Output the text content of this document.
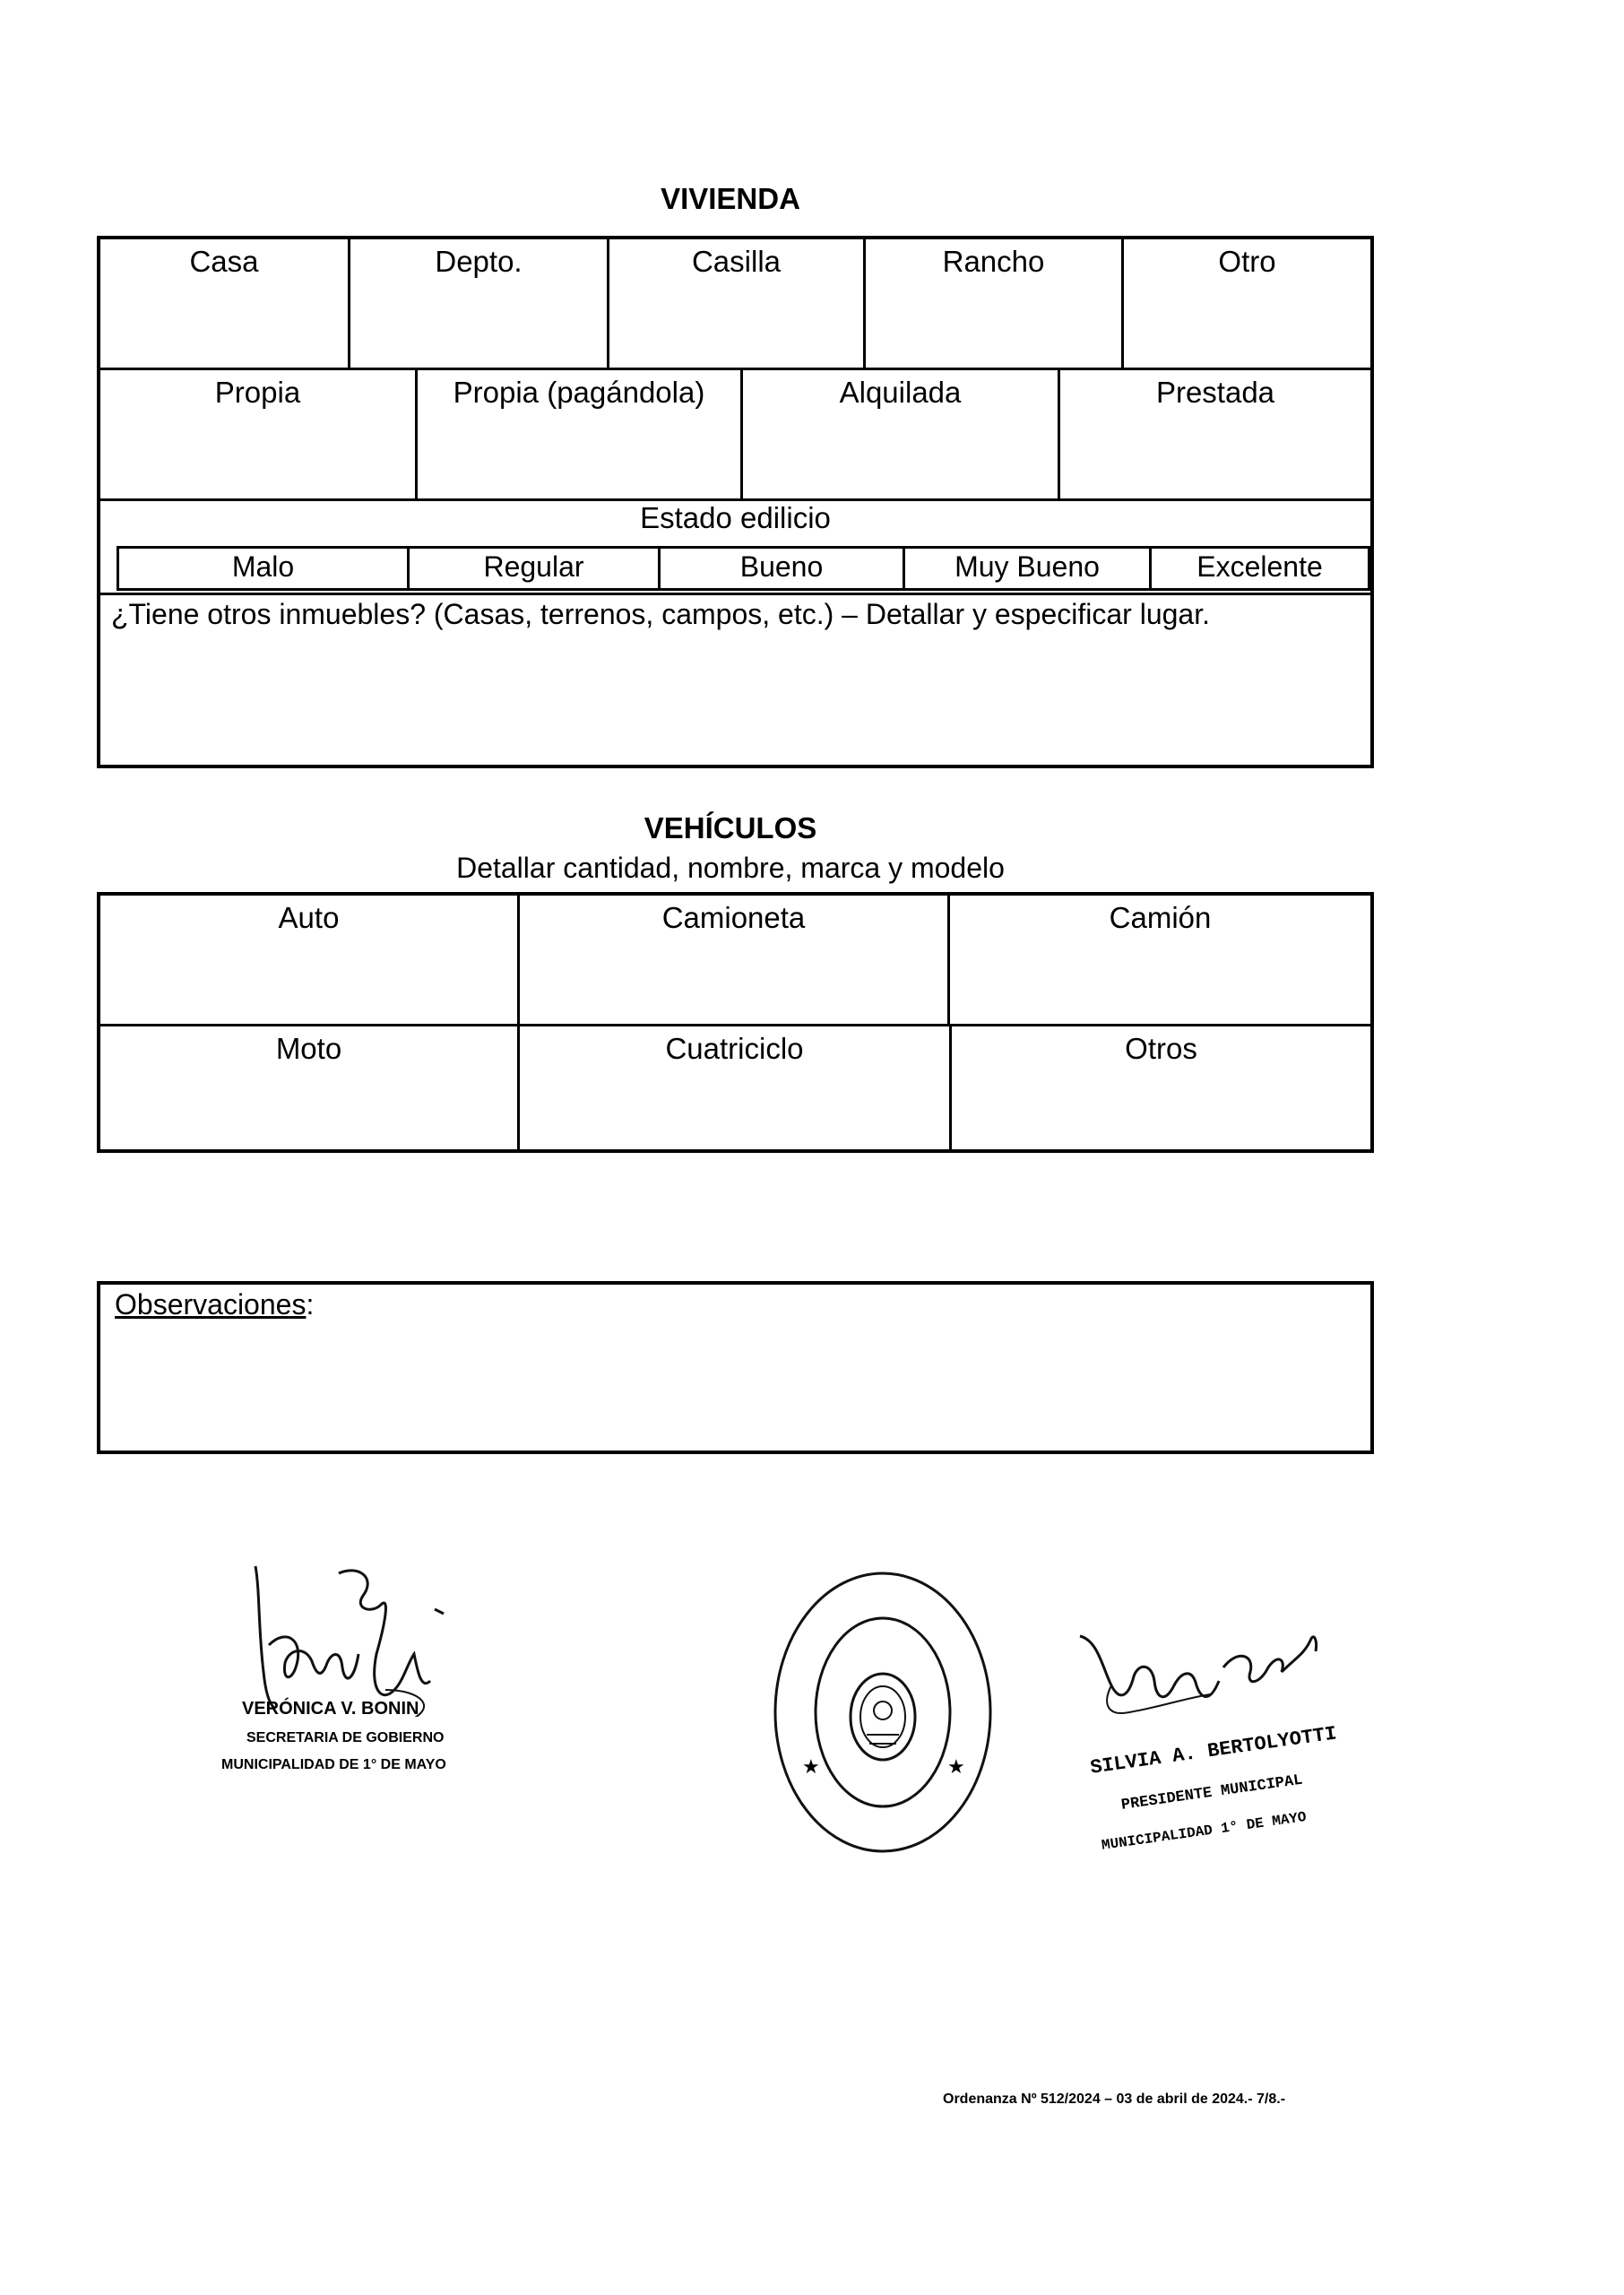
VIVIENDA
Casa	Depto.	Casilla	Rancho	Otro
Propia	Propia (pagándola)	Alquilada	Prestada
Estado edilicio
Malo	Regular	Bueno	Muy Bueno	Excelente
¿Tiene otros inmuebles? (Casas, terrenos, campos, etc.) – Detallar y especificar lugar.
VEHÍCULOS
Detallar cantidad, nombre, marca y modelo
Auto	Camioneta	Camión
Moto	Cuatriciclo	Otros
Observaciones:
VERÓNICA V. BONIN
SECRETARIA DE GOBIERNO
MUNICIPALIDAD DE 1° DE MAYO	★	★	SILVIA A. BERTOLYOTTI
PRESIDENTE MUNICIPAL
MUNICIPALIDAD 1° DE MAYO
Ordenanza Nº 512/2024 – 03 de abril de 2024.- 7/8.-
